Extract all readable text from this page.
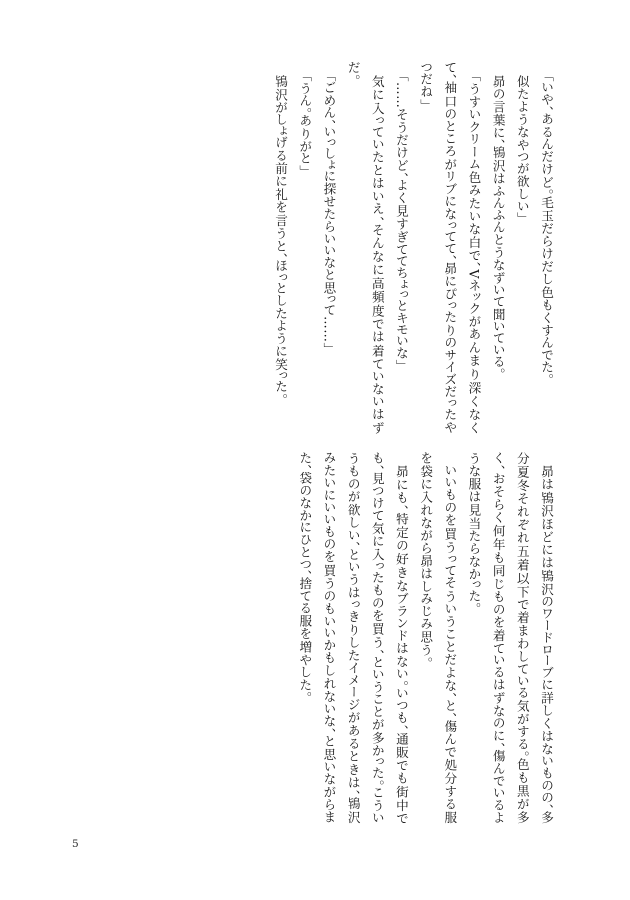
「いや、あるんだけど。毛玉だらけだし色もくすんでた。

似たようなやつが欲しい」

昴の言葉に、鴇沢はふんふんとうなずいて聞いている。

「うすいクリーム色みたいな白で、Vネックがあんまり深くなくて、袖口のところがリブになってて、昴にぴったりのサイズだったやつだね」

「……そうだけど、よく見すぎててちょっとキモいな」

気に入っていたとはいえ、そんなに高頻度では着ていないはずだ。

「ごめん、いっしょに探せたらいいなと思って……」

「うん。ありがと」

鴇沢がしょげる前に礼を言うと、ほっとしたように笑った。

昴は鴇沢ほどには鴇沢のワードローブに詳しくはないものの、多分夏冬それぞれ五着以下で着まわしている気がする。色も黒が多く、おそらく何年も同じものを着ているはずなのに、傷んでいるような服は見当たらなかった。

いいものを買うってそういうことだよな、と、傷んで処分する服を袋に入れながら昴はしみじみ思う。

昴にも、特定の好きなブランドはない。いつも、通販でも街中でも、見つけて気に入ったものを買う、ということが多かった。こういうものが欲しい、というはっきりしたイメージがあるときは、鴇沢みたいにいいものを買うのもいいかもしれないな、と思いながらまた、袋のなかにひとつ、捨てる服を増やした。

5
